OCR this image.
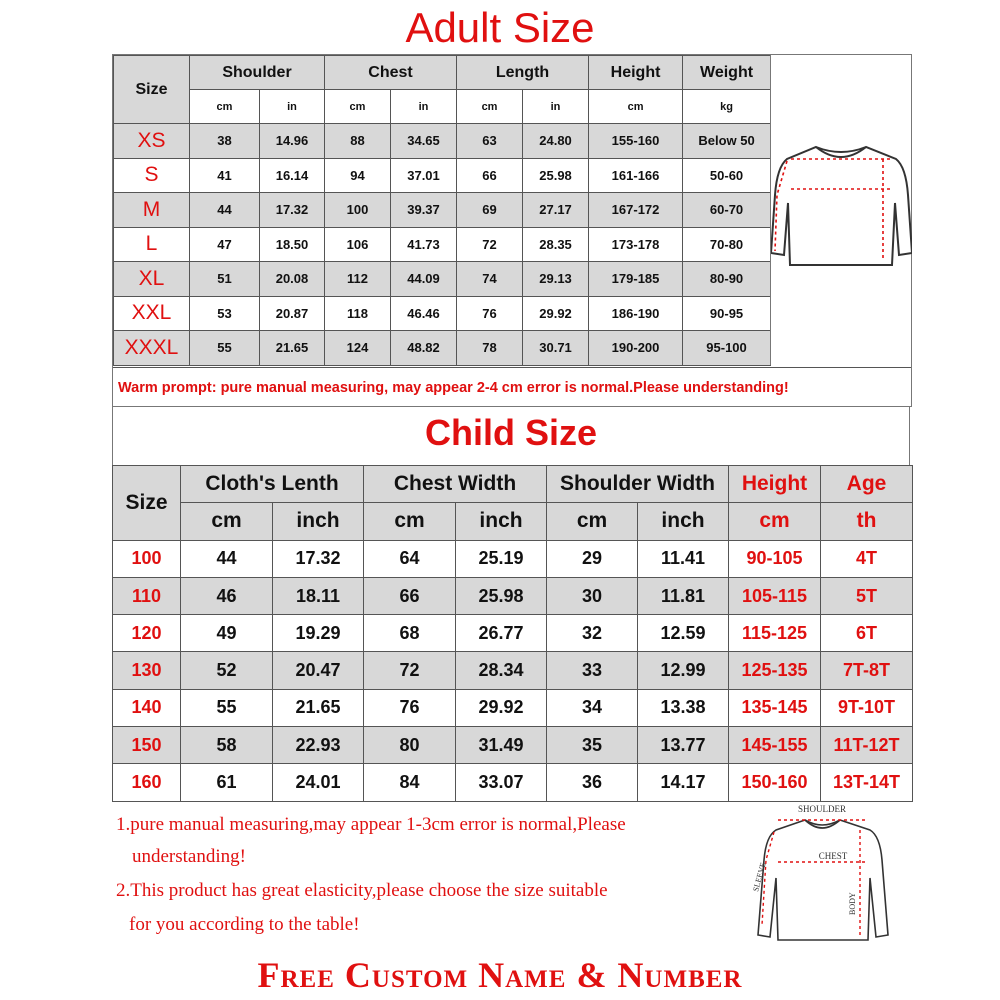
Adult Size
Size	Shoulder		Chest		Length		Height	Weight
	cm	in	cm	in	cm	in	cm	kg
XS	38	14.96	88	34.65	63	24.80	155-160	Below 50
S	41	16.14	94	37.01	66	25.98	161-166	50-60
M	44	17.32	100	39.37	69	27.17	167-172	60-70
L	47	18.50	106	41.73	72	28.35	173-178	70-80
XL	51	20.08	112	44.09	74	29.13	179-185	80-90
XXL	53	20.87	118	46.46	76	29.92	186-190	90-95
XXXL	55	21.65	124	48.82	78	30.71	190-200	95-100
Warm prompt: pure manual measuring, may appear 2-4 cm error is normal.Please understanding!
Child Size
Size	Cloth's Lenth		Chest Width		Shoulder Width		Height	Age
	cm	inch	cm	inch	cm	inch	cm	th
100	44	17.32	64	25.19	29	11.41	90-105	4T
110	46	18.11	66	25.98	30	11.81	105-115	5T
120	49	19.29	68	26.77	32	12.59	115-125	6T
130	52	20.47	72	28.34	33	12.99	125-135	7T-8T
140	55	21.65	76	29.92	34	13.38	135-145	9T-10T
150	58	22.93	80	31.49	35	13.77	145-155	11T-12T
160	61	24.01	84	33.07	36	14.17	150-160	13T-14T
1.pure manual measuring,may appear 1-3cm error is normal,Please
understanding!
2.This product has great elasticity,please choose the size suitable
for you according to the table!
SHOULDER
CHEST
SLEEVE
BODY
Free Custom Name & Number
